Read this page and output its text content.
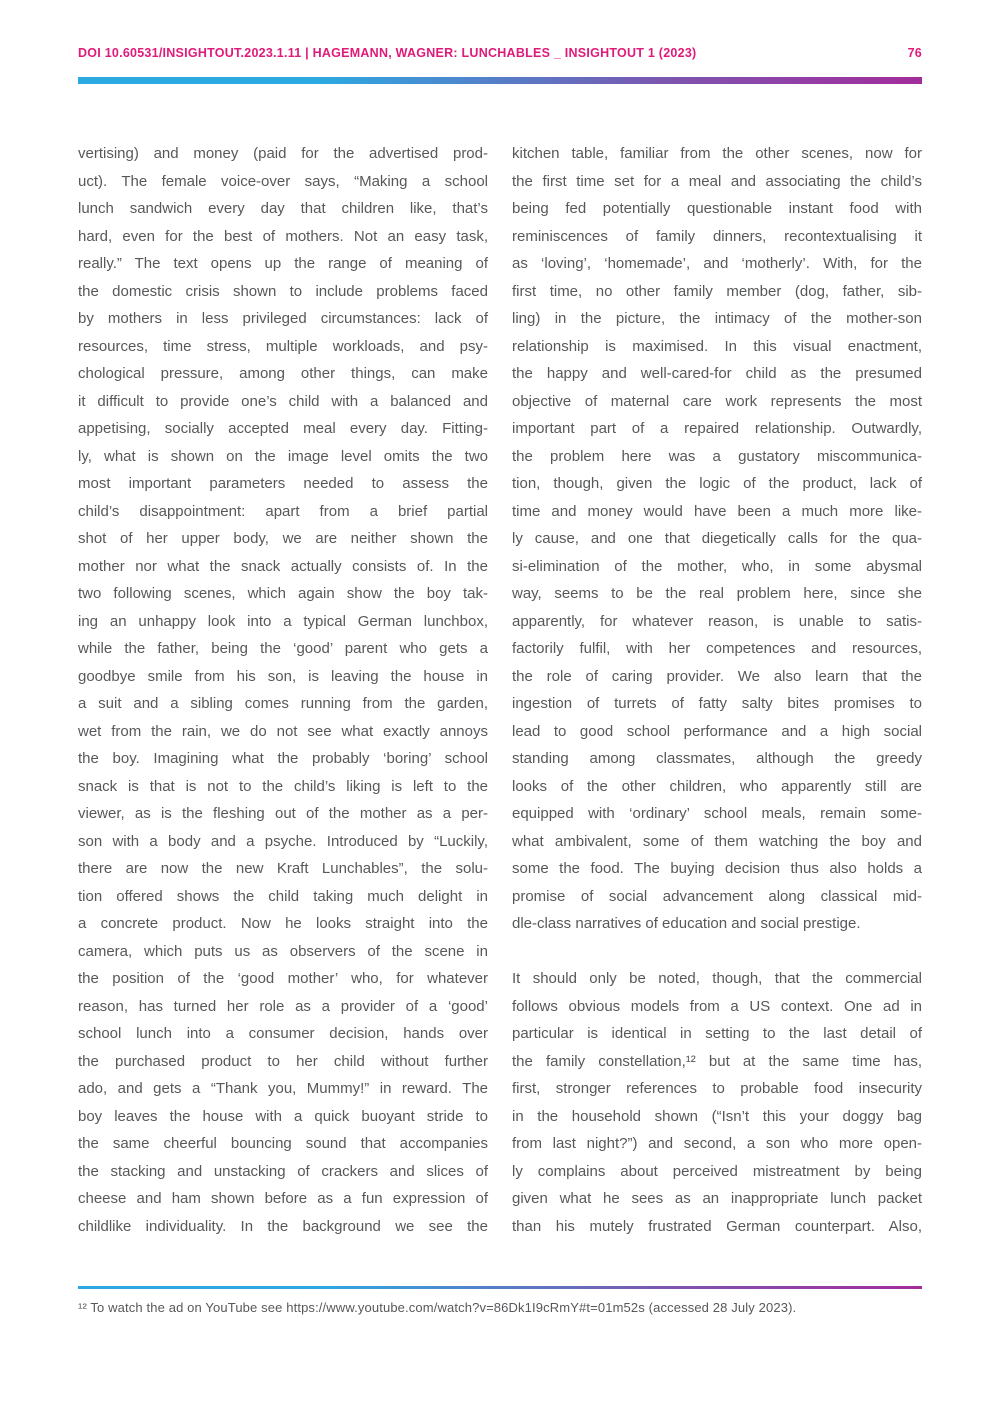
DOI 10.60531/INSIGHTOUT.2023.1.11 | HAGEMANN, WAGNER: LUNCHABLES _ INSIGHTOUT 1 (2023)	76
vertising) and money (paid for the advertised prod-
uct). The female voice-over says, “Making a school
lunch sandwich every day that children like, that’s
hard, even for the best of mothers. Not an easy task,
really.” The text opens up the range of meaning of
the domestic crisis shown to include problems faced
by mothers in less privileged circumstances: lack of
resources, time stress, multiple workloads, and psy-
chological pressure, among other things, can make
it difficult to provide one’s child with a balanced and
appetising, socially accepted meal every day. Fitting-
ly, what is shown on the image level omits the two
most important parameters needed to assess the
child’s disappointment: apart from a brief partial
shot of her upper body, we are neither shown the
mother nor what the snack actually consists of. In the
two following scenes, which again show the boy tak-
ing an unhappy look into a typical German lunchbox,
while the father, being the ‘good’ parent who gets a
goodbye smile from his son, is leaving the house in
a suit and a sibling comes running from the garden,
wet from the rain, we do not see what exactly annoys
the boy. Imagining what the probably ‘boring’ school
snack is that is not to the child’s liking is left to the
viewer, as is the fleshing out of the mother as a per-
son with a body and a psyche. Introduced by “Luckily,
there are now the new Kraft Lunchables”, the solu-
tion offered shows the child taking much delight in
a concrete product. Now he looks straight into the
camera, which puts us as observers of the scene in
the position of the ‘good mother’ who, for whatever
reason, has turned her role as a provider of a ‘good’
school lunch into a consumer decision, hands over
the purchased product to her child without further
ado, and gets a “Thank you, Mummy!” in reward. The
boy leaves the house with a quick buoyant stride to
the same cheerful bouncing sound that accompanies
the stacking and unstacking of crackers and slices of
cheese and ham shown before as a fun expression of
childlike individuality. In the background we see the
kitchen table, familiar from the other scenes, now for
the first time set for a meal and associating the child’s
being fed potentially questionable instant food with
reminiscences of family dinners, recontextualising it
as ‘loving’, ‘homemade’, and ‘motherly’. With, for the
first time, no other family member (dog, father, sib-
ling) in the picture, the intimacy of the mother-son
relationship is maximised. In this visual enactment,
the happy and well-cared-for child as the presumed
objective of maternal care work represents the most
important part of a repaired relationship. Outwardly,
the problem here was a gustatory miscommunica-
tion, though, given the logic of the product, lack of
time and money would have been a much more like-
ly cause, and one that diegetically calls for the qua-
si-elimination of the mother, who, in some abysmal
way, seems to be the real problem here, since she
apparently, for whatever reason, is unable to satis-
factorily fulfil, with her competences and resources,
the role of caring provider. We also learn that the
ingestion of turrets of fatty salty bites promises to
lead to good school performance and a high social
standing among classmates, although the greedy
looks of the other children, who apparently still are
equipped with ‘ordinary’ school meals, remain some-
what ambivalent, some of them watching the boy and
some the food. The buying decision thus also holds a
promise of social advancement along classical mid-
dle-class narratives of education and social prestige.
It should only be noted, though, that the commercial
follows obvious models from a US context. One ad in
particular is identical in setting to the last detail of
the family constellation,¹² but at the same time has,
first, stronger references to probable food insecurity
in the household shown (“Isn’t this your doggy bag
from last night?”) and second, a son who more open-
ly complains about perceived mistreatment by being
given what he sees as an inappropriate lunch packet
than his mutely frustrated German counterpart. Also,

¹² To watch the ad on YouTube see https://www.youtube.com/watch?v=86Dk1I9cRmY#t=01m52s (accessed 28 July 2023).
